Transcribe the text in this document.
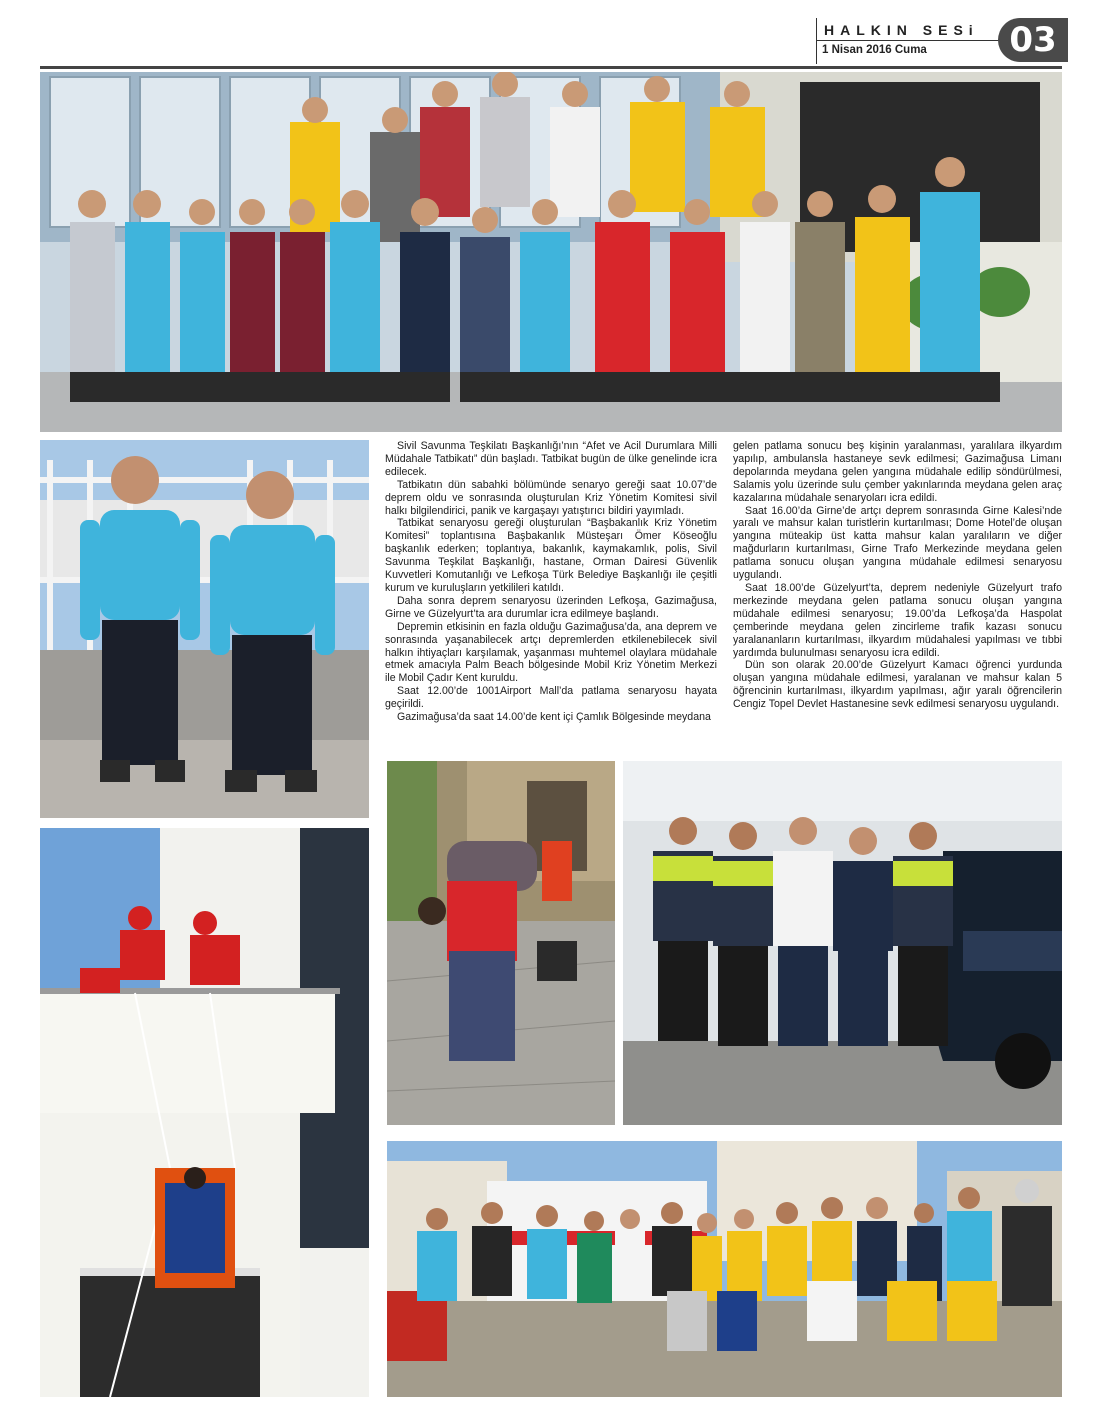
HALKIN SESi
1 Nisan 2016 Cuma	03

Sivil Savunma Teşkilatı Başkanlığı’nın “Afet ve Acil Durumlara Milli Müdahale Tatbikatı” dün başladı. Tatbikat bugün de ülke genelinde icra edilecek.

Tatbikatın dün sabahki bölümünde senaryo gereği saat 10.07’de deprem oldu ve sonrasında oluşturulan Kriz Yönetim Komitesi sivil halkı bilgilendirici, panik ve kargaşayı yatıştırıcı bildiri yayımladı.

Tatbikat senaryosu gereği oluşturulan “Başbakanlık Kriz Yönetim Komitesi” toplantısına Başbakanlık Müsteşarı Ömer Köseoğlu başkanlık ederken; toplantıya, bakanlık, kaymakamlık, polis, Sivil Savunma Teşkilat Başkanlığı, hastane, Orman Dairesi Güvenlik Kuvvetleri Komutanlığı ve Lefkoşa Türk Belediye Başkanlığı ile çeşitli kurum ve kuruluşların yetkilileri katıldı.

Daha sonra deprem senaryosu üzerinden Lefkoşa, Gazimağusa, Girne ve Güzelyurt’ta ara durumlar icra edilmeye başlandı.

Depremin etkisinin en fazla olduğu Gazimağusa’da, ana deprem ve sonrasında yaşanabilecek artçı depremlerden etkilenebilecek sivil halkın ihtiyaçları karşılamak, yaşanması muhtemel olaylara müdahale etmek amacıyla Palm Beach bölgesinde Mobil Kriz Yönetim Merkezi ile Mobil Çadır Kent kuruldu.

Saat 12.00’de 1001Airport Mall’da patlama senaryosu hayata geçirildi.

Gazimağusa’da saat 14.00’de kent içi Çamlık Bölgesinde meydana

gelen patlama sonucu beş kişinin yaralanması, yaralılara ilkyardım yapılıp, ambulansla hastaneye sevk edilmesi; Gazimağusa Limanı depolarında meydana gelen yangına müdahale edilip söndürülmesi, Salamis yolu üzerinde sulu çember yakınlarında meydana gelen araç kazalarına müdahale senaryoları icra edildi.

Saat 16.00’da Girne’de artçı deprem sonrasında Girne Kalesi’nde yaralı ve mahsur kalan turistlerin kurtarılması; Dome Hotel’de oluşan yangına müteakip üst katta mahsur kalan yaralıların ve diğer mağdurların kurtarılması, Girne Trafo Merkezinde meydana gelen patlama sonucu oluşan yangına müdahale edilmesi senaryosu uygulandı.

Saat 18.00’de Güzelyurt’ta, deprem nedeniyle Güzelyurt trafo merkezinde meydana gelen patlama sonucu oluşan yangına müdahale edilmesi senaryosu; 19.00’da Lefkoşa’da Haspolat çemberinde meydana gelen zincirleme trafik kazası sonucu yaralananların kurtarılması, ilkyardım müdahalesi yapılması ve tıbbi yardımda bulunulması senaryosu icra edildi.

Dün son olarak 20.00’de Güzelyurt Kamacı öğrenci yurdunda oluşan yangına müdahale edilmesi, yaralanan ve mahsur kalan 5 öğrencinin kurtarılması, ilkyardım yapılması, ağır yaralı öğrencilerin Cengiz Topel Devlet Hastanesine sevk edilmesi senaryosu uygulandı.
